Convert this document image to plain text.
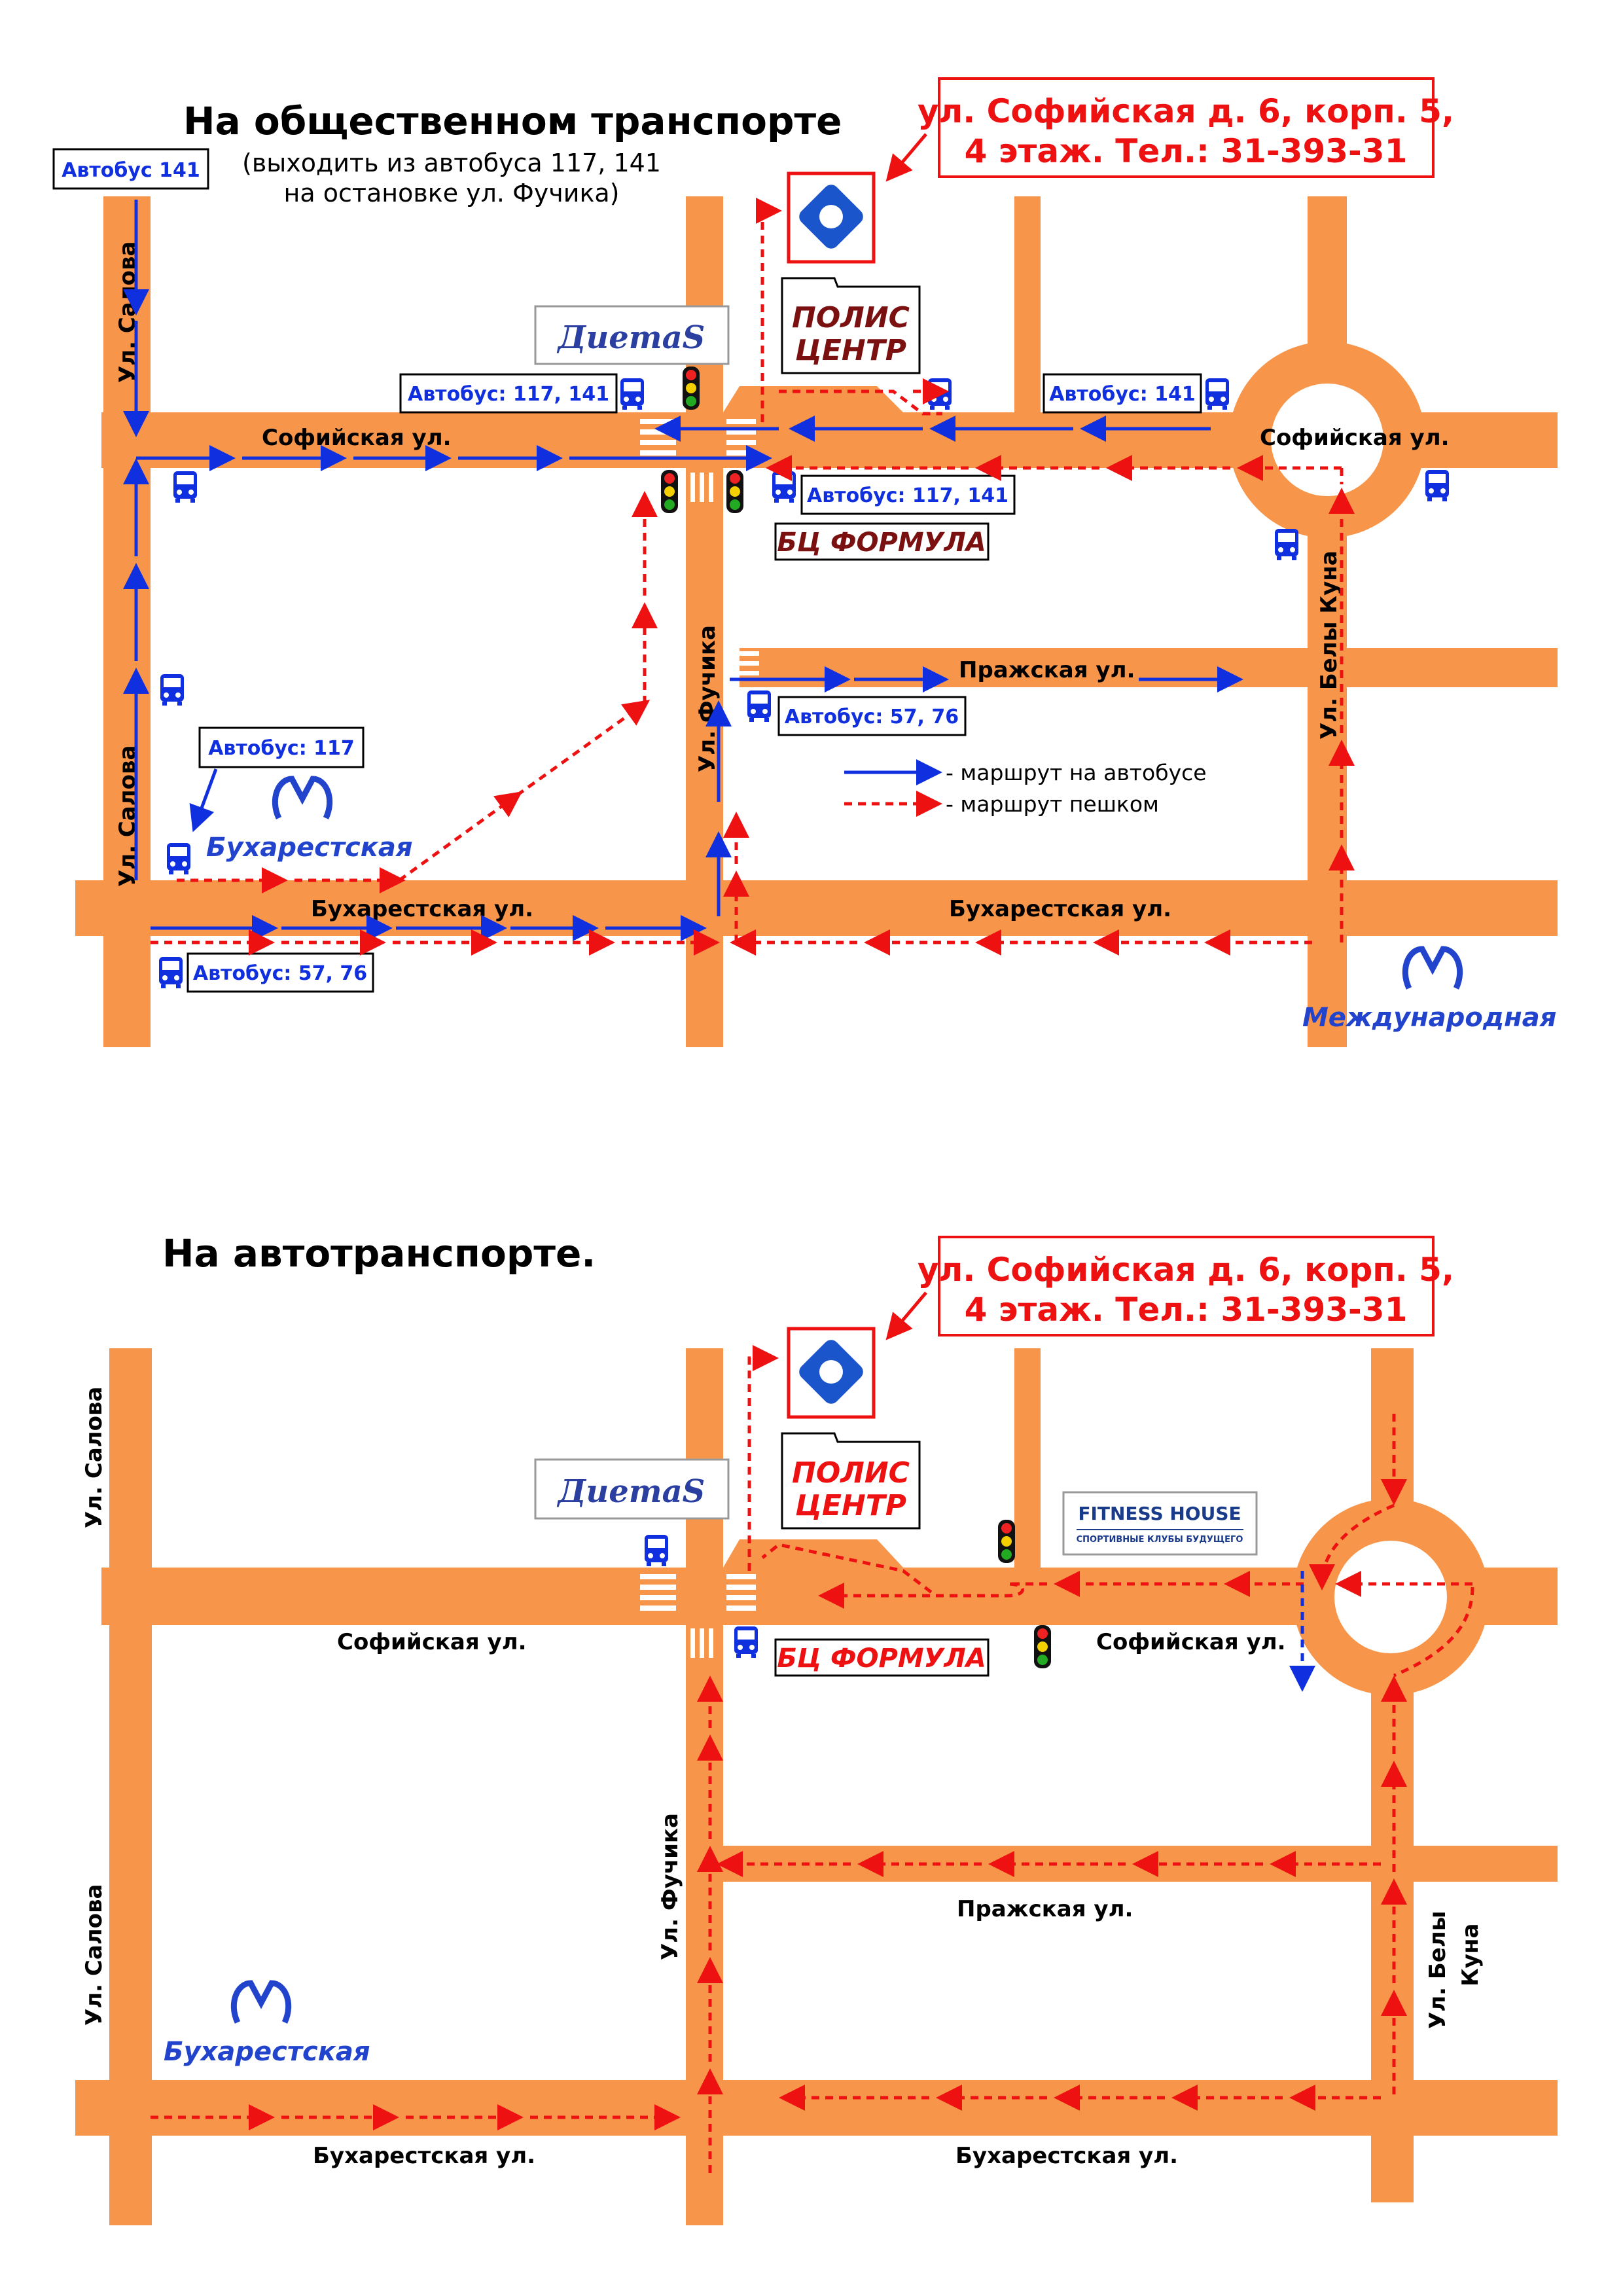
На общественном транспорте
(выходить из автобуса 117, 141
на остановке ул. Фучика)
ул. Софийская д. 6, корп. 5,
4 этаж. Тел.: 31-393-31
Софийская ул.	Софийская ул.
Пражская ул.
Бухарестская ул.	Бухарестская ул.
Ул. Салова
Ул. Салова
Ул. Фучика	Ул. Белы Куна
ПОЛИС
ЦЕНТР
БЦ ФОРМУЛА
ДиетаS
Автобус 141
Автобус: 117, 141	Автобус: 141
Автобус: 117, 141
Автобус: 57, 76
Автобус: 117
Автобус: 57, 76
Бухарестская
Международная
- маршрут на автобусе
- маршрут пешком
На автотранспорте.	ул. Софийская д. 6, корп. 5,
4 этаж. Тел.: 31-393-31
Софийская ул.	Софийская ул.
Пражская ул.
Бухарестская ул.	Бухарестская ул.
Ул. Салова
Ул. Салова	Ул. Фучика
Ул. Белы Куна
ПОЛИС
ЦЕНТР
БЦ ФОРМУЛА
ДиетаS
FITNESS HOUSE
СПОРТИВНЫЕ КЛУБЫ БУДУЩЕГО
Бухарестская
